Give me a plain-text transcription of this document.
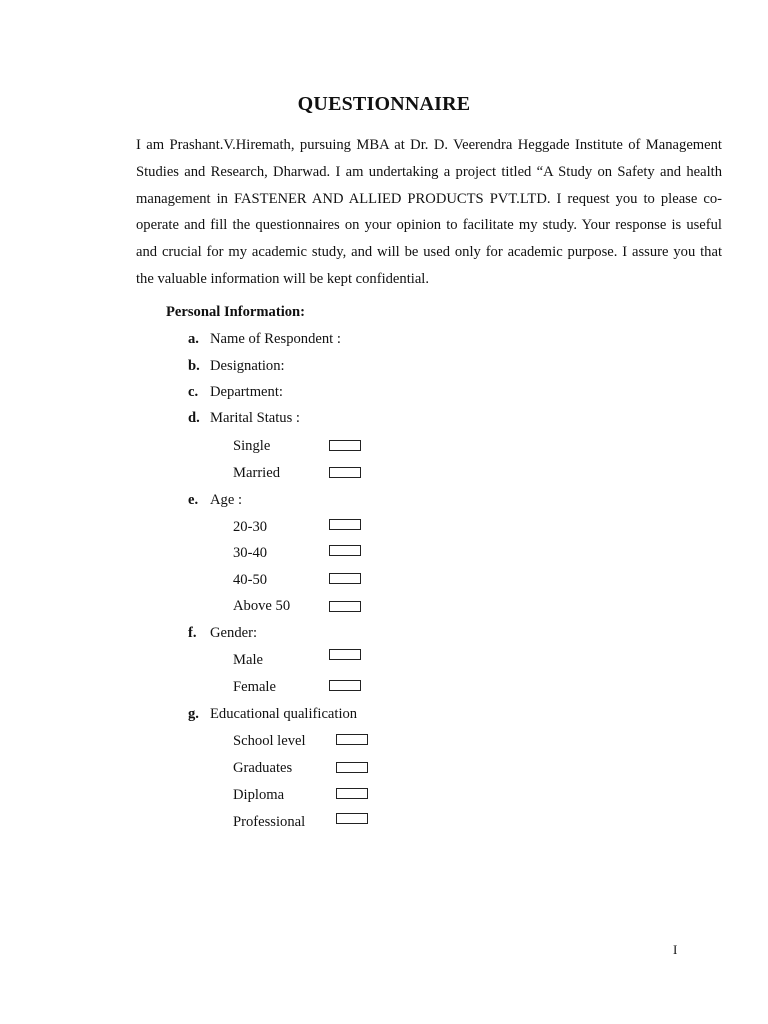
QUESTIONNAIRE

I am Prashant.V.Hiremath, pursuing MBA at Dr. D. Veerendra Heggade Institute of Management Studies and Research, Dharwad. I am undertaking a project titled “A Study on Safety and health management in FASTENER AND ALLIED PRODUCTS PVT.LTD. I request you to please co-operate and fill the questionnaires on your opinion to facilitate my study. Your response is useful and crucial for my academic study, and will be used only for academic purpose. I assure you that the valuable information will be kept confidential.

Personal Information:
a. Name of Respondent :
b. Designation:
c. Department:
d. Marital Status :
Single
Married
e. Age :
20-30
30-40
40-50
Above 50
f. Gender:
Male
Female
g. Educational qualification
School level
Graduates
Diploma
Professional
I
